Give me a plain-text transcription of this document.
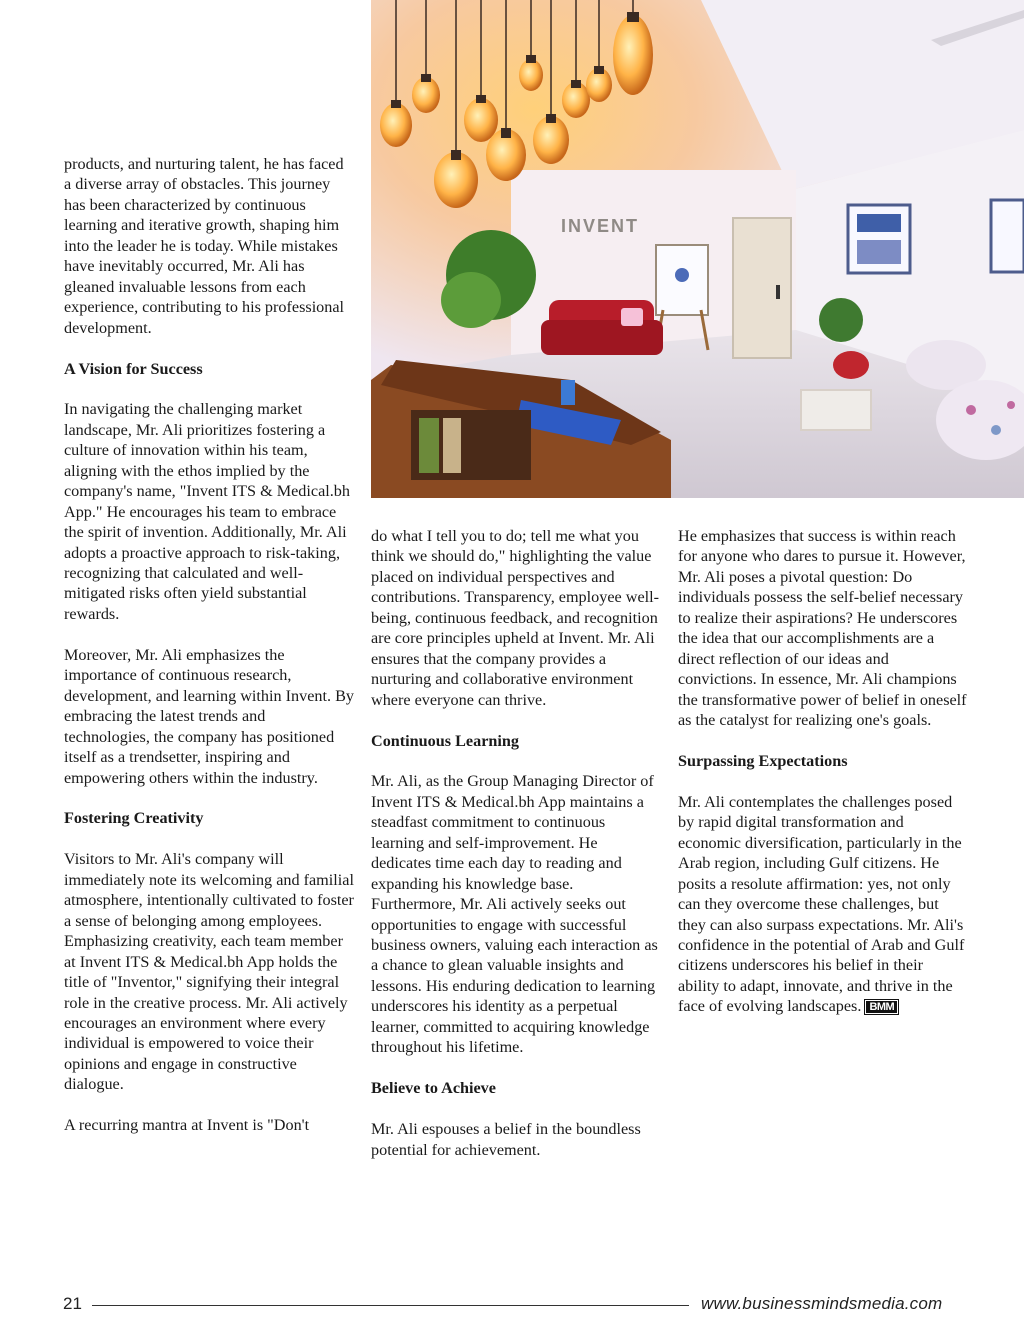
products, and nurturing talent, he has faced a diverse array of obstacles. This journey has been characterized by continuous learning and iterative growth, shaping him into the leader he is today. While mistakes have inevitably occurred, Mr. Ali has gleaned invaluable lessons from each experience, contributing to his professional development.

A Vision for Success

In navigating the challenging market landscape, Mr. Ali prioritizes fostering a culture of innovation within his team, aligning with the ethos implied by the company's name, "Invent ITS & Medical.bh App." He encourages his team to embrace the spirit of invention. Additionally, Mr. Ali adopts a proactive approach to risk-taking, recognizing that calculated and well-mitigated risks often yield substantial rewards.

Moreover, Mr. Ali emphasizes the importance of continuous research, development, and learning within Invent. By embracing the latest trends and technologies, the company has positioned itself as a trendsetter, inspiring and empowering others within the industry.

Fostering Creativity

Visitors to Mr. Ali's company will immediately note its welcoming and familial atmosphere, intentionally cultivated to foster a sense of belonging among employees. Emphasizing creativity, each team member at Invent ITS & Medical.bh App holds the title of "Inventor," signifying their integral role in the creative process. Mr. Ali actively encourages an environment where every individual is empowered to voice their opinions and engage in constructive dialogue.

A recurring mantra at Invent is "Don't

INVENT

do what I tell you to do; tell me what you think we should do," highlighting the value placed on individual perspectives and contributions. Transparency, employee well-being, continuous feedback, and recognition are core principles upheld at Invent. Mr. Ali ensures that the company provides a nurturing and collaborative environment where everyone can thrive.

Continuous Learning

Mr. Ali, as the Group Managing Director of Invent ITS & Medical.bh App maintains a steadfast commitment to continuous learning and self-improvement. He dedicates time each day to reading and expanding his knowledge base. Furthermore, Mr. Ali actively seeks out opportunities to engage with successful business owners, valuing each interaction as a chance to glean valuable insights and lessons. His enduring dedication to learning underscores his identity as a perpetual learner, committed to acquiring knowledge throughout his lifetime.

Believe to Achieve

Mr. Ali espouses a belief in the boundless potential for achievement.

He emphasizes that success is within reach for anyone who dares to pursue it. However, Mr. Ali poses a pivotal question: Do individuals possess the self-belief necessary to realize their aspirations? He underscores the idea that our accomplishments are a direct reflection of our ideas and convictions. In essence, Mr. Ali champions the transformative power of belief in oneself as the catalyst for realizing one's goals.

Surpassing Expectations

Mr. Ali contemplates the challenges posed by rapid digital transformation and economic diversification, particularly in the Arab region, including Gulf citizens. He posits a resolute affirmation: yes, not only can they overcome these challenges, but they can also surpass expectations. Mr. Ali's confidence in the potential of Arab and Gulf citizens underscores his belief in their ability to adapt, innovate, and thrive in the face of evolving landscapes. BMM

21	www.businessmindsmedia.com
